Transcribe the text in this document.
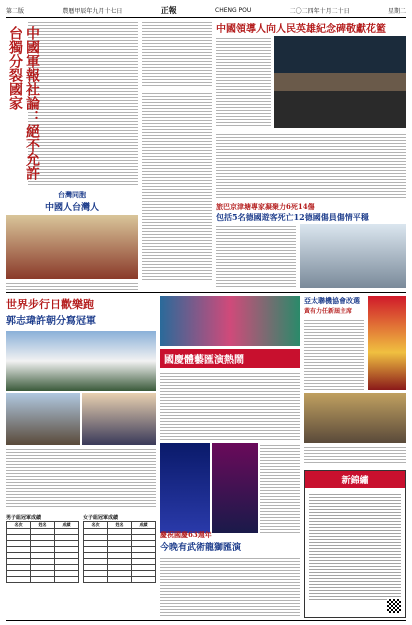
第二版	農曆甲辰年九月十七日	正報	CHENG POU	二〇二四年十月二十日	星期二
中國軍報社論：絕不允許台獨分裂國家
台灣同胞
中國人台灣人
中國領導人向人民英雄紀念碑敬獻花籃
旅巴京津塘專家凝聚力6死14傷
包括5名德國遊客死亡12德國傷員傷情平穩
世界步行日歡樂跑
郭志瑋許朝分寫冠軍
男子組冠軍成績
名次	姓名	成績

女子組冠軍成績
名次	姓名	成績

國慶體藝匯演熱鬧
慶祝國慶63週年
今晚有武術龍獅匯演
亞太聯機協會改選
黃有力任新屆主席
新錦繡
